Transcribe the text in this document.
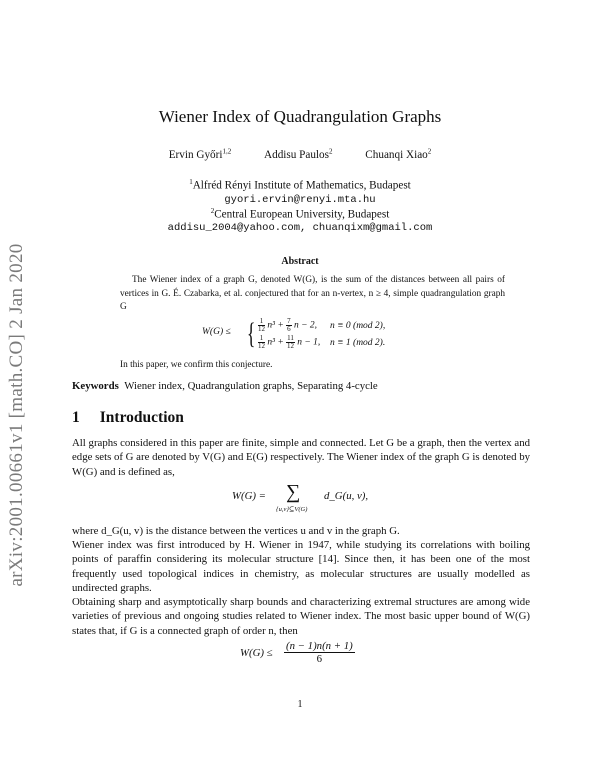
arXiv:2001.00661v1 [math.CO] 2 Jan 2020
Wiener Index of Quadrangulation Graphs
Ervin Győri$^{1,2}$	Addisu Paulos$^2$	Chuanqi Xiao$^2$
$^1$Alfréd Rényi Institute of Mathematics, Budapest
gyori.ervin@renyi.mta.hu
$^2$Central European University, Budapest
addisu_2004@yahoo.com, chuanqixm@gmail.com
Abstract
The Wiener index of a graph G, denoted W(G), is the sum of the distances between all pairs of vertices in G. É. Czabarka, et al. conjectured that for an n-vertex, n ≥ 4, simple quadrangulation graph G
W(G) ≤ { $\frac{1}{12} n^3 + \frac{7}{6}$ n − 2, n ≡ 0 (mod 2),
$\frac{1}{12} n^3 + \frac{11}{12}$ n − 1, n ≡ 1 (mod 2).
In this paper, we confirm this conjecture.
Keywords Wiener index, Quadrangulation graphs, Separating 4-cycle
1 Introduction
All graphs considered in this paper are finite, simple and connected. Let G be a graph, then the vertex and edge sets of G are denoted by V(G) and E(G) respectively. The Wiener index of the graph G is denoted by W(G) and is defined as,
W(G) = ∑
{u,v}⊆V(G)
d_G(u, v),
where d_G(u, v) is the distance between the vertices u and v in the graph G.
Wiener index was first introduced by H. Wiener in 1947, while studying its correlations with boiling points of paraffin considering its molecular structure [14]. Since then, it has been one of the most frequently used topological indices in chemistry, as molecular structures are usually modelled as undirected graphs.
Obtaining sharp and asymptotically sharp bounds and characterizing extremal structures are among wide varieties of previous and ongoing studies related to Wiener index. The most basic upper bound of W(G) states that, if G is a connected graph of order n, then
W(G) ≤
(n − 1)n(n + 1)
6
1
